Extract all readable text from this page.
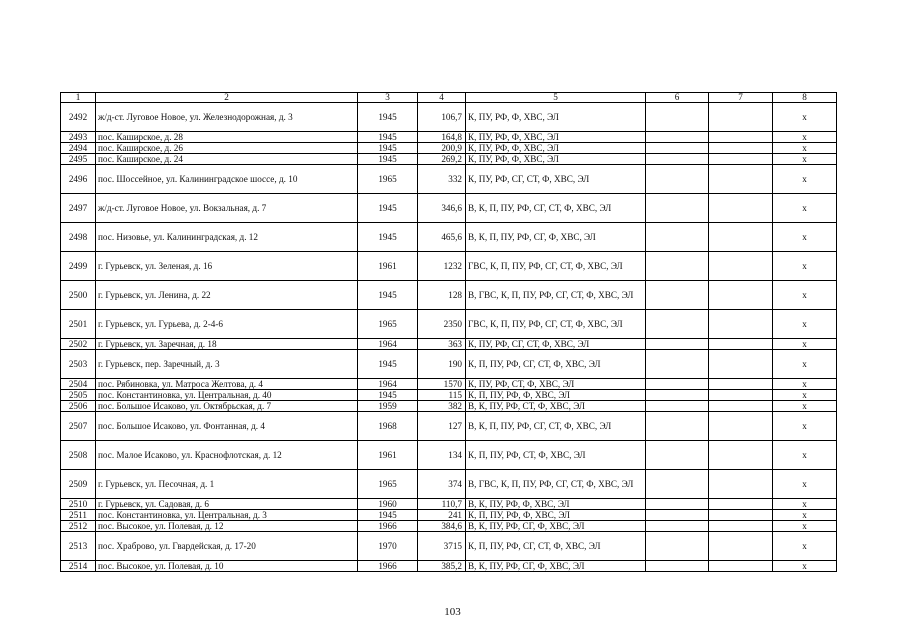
1	2	3	4	5	6	7	8
2492	ж/д-ст. Луговое Новое, ул. Железнодорожная, д. 3	1945	106,7	К, ПУ, РФ, Ф, ХВС, ЭЛ			х
2493	пос. Каширское, д. 28	1945	164,8	К, ПУ, РФ, Ф, ХВС, ЭЛ			х
2494	пос. Каширское, д. 26	1945	200,9	К, ПУ, РФ, Ф, ХВС, ЭЛ			х
2495	пос. Каширское, д. 24	1945	269,2	К, ПУ, РФ, Ф, ХВС, ЭЛ			х
2496	пос. Шоссейное, ул. Калининградское шоссе, д. 10	1965	332	К, ПУ, РФ, СГ, СТ, Ф, ХВС, ЭЛ			х
2497	ж/д-ст. Луговое Новое, ул. Вокзальная, д. 7	1945	346,6	В, К, П, ПУ, РФ, СГ, СТ, Ф, ХВС, ЭЛ			х
2498	пос. Низовье, ул. Калининградская, д. 12	1945	465,6	В, К, П, ПУ, РФ, СГ, Ф, ХВС, ЭЛ			х
2499	г. Гурьевск, ул. Зеленая, д. 16	1961	1232	ГВС, К, П, ПУ, РФ, СГ, СТ, Ф, ХВС, ЭЛ			х
2500	г. Гурьевск, ул. Ленина, д. 22	1945	128	В, ГВС, К, П, ПУ, РФ, СГ, СТ, Ф, ХВС, ЭЛ			х
2501	г. Гурьевск, ул. Гурьева, д. 2-4-6	1965	2350	ГВС, К, П, ПУ, РФ, СГ, СТ, Ф, ХВС, ЭЛ			х
2502	г. Гурьевск, ул. Заречная, д. 18	1964	363	К, ПУ, РФ, СГ, СТ, Ф, ХВС, ЭЛ			х
2503	г. Гурьевск, пер. Заречный, д. 3	1945	190	К, П, ПУ, РФ, СГ, СТ, Ф, ХВС, ЭЛ			х
2504	пос. Рябиновка, ул. Матроса Желтова, д. 4	1964	1570	К, ПУ, РФ, СТ, Ф, ХВС, ЭЛ			х
2505	пос. Константиновка, ул. Центральная, д. 40	1945	115	К, П, ПУ, РФ, Ф, ХВС, ЭЛ			х
2506	пос. Большое Исаково, ул. Октябрьская, д. 7	1959	382	В, К, ПУ, РФ, СТ, Ф, ХВС, ЭЛ			х
2507	пос. Большое Исаково, ул. Фонтанная, д. 4	1968	127	В, К, П, ПУ, РФ, СГ, СТ, Ф, ХВС, ЭЛ			х
2508	пос. Малое Исаково, ул. Краснофлотская, д. 12	1961	134	К, П, ПУ, РФ, СТ, Ф, ХВС, ЭЛ			х
2509	г. Гурьевск, ул. Песочная, д. 1	1965	374	В, ГВС, К, П, ПУ, РФ, СГ, СТ, Ф, ХВС, ЭЛ			х
2510	г. Гурьевск, ул. Садовая, д. 6	1960	110,7	В, К, ПУ, РФ, Ф, ХВС, ЭЛ			х
2511	пос. Константиновка, ул. Центральная, д. 3	1945	241	К, П, ПУ, РФ, Ф, ХВС, ЭЛ			х
2512	пос. Высокое, ул. Полевая, д. 12	1966	384,6	В, К, ПУ, РФ, СГ, Ф, ХВС, ЭЛ			х
2513	пос. Храброво, ул. Гвардейская, д. 17-20	1970	3715	К, П, ПУ, РФ, СГ, СТ, Ф, ХВС, ЭЛ			х
2514	пос. Высокое, ул. Полевая, д. 10	1966	385,2	В, К, ПУ, РФ, СГ, Ф, ХВС, ЭЛ			х
103
